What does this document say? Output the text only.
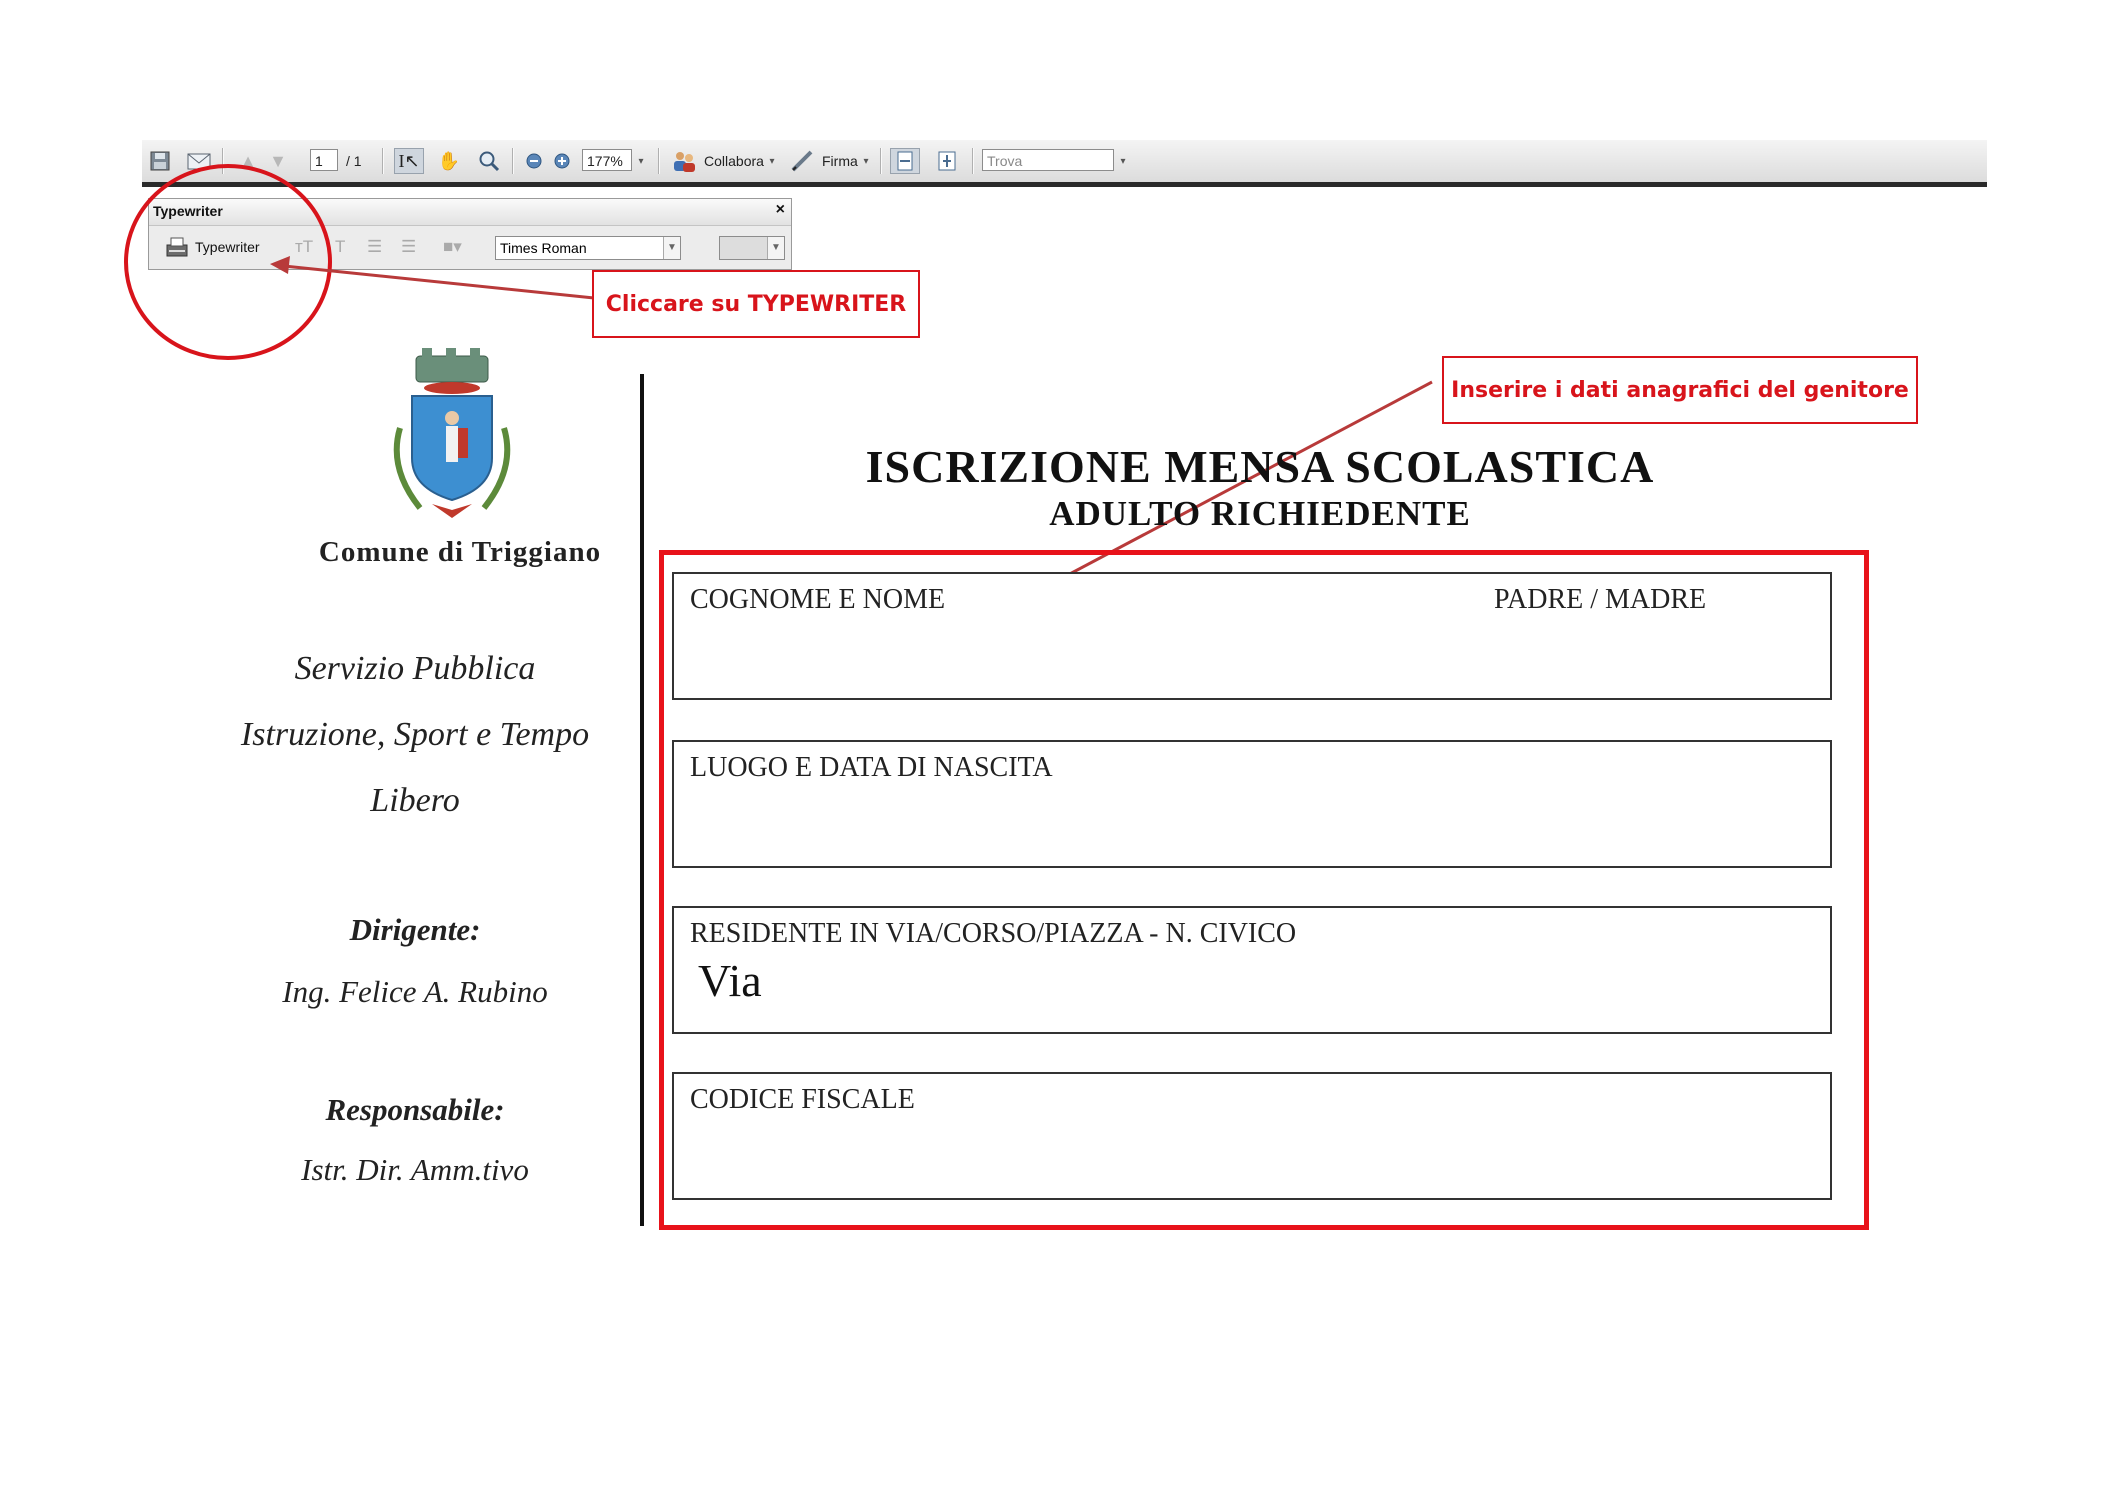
▲ ▼	1	/ 1 I↖ ✋	177%	▾	Collabora ▾	Firma ▾	Trova	▾
Typewriter	×
Typewriter ᴛT T ☰ ☰ ■▾	Times Roman	▼	▼
Cliccare su TYPEWRITER
Inserire i dati anagrafici del genitore
Comune di Triggiano
Servizio Pubblica
Istruzione, Sport e Tempo
Libero
Dirigente:
Ing. Felice A. Rubino
Responsabile:
Istr. Dir. Amm.tivo
ISCRIZIONE MENSA SCOLASTICA
ADULTO RICHIEDENTE
COGNOME E NOME	PADRE / MADRE
LUOGO E DATA DI NASCITA
RESIDENTE IN VIA/CORSO/PIAZZA - N. CIVICO
Via
CODICE FISCALE
